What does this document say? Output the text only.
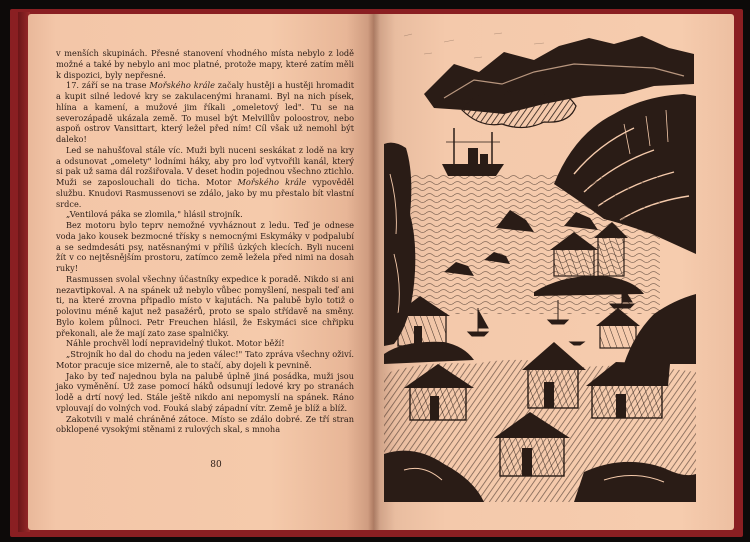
v menších skupinách. Přesné stanovení vhodného místa nebylo z lodě možné a také by nebylo ani moc platné, protože mapy, které zatím měli k dispozici, byly nepřesné.

17. září se na trase Mořského krále začaly hustěji a hustěji hromadit a kupit silné ledové kry se zakulacenými hranami. Byl na nich písek, hlína a kamení, a mužové jim říkali „omeletový led". Tu se na severozápadě ukázala země. To musel být Melvillův poloostrov, nebo aspoň ostrov Vansittart, který ležel před ním! Cíl však už nemohl být daleko!

Led se nahušťoval stále víc. Muži byli nuceni seskákat z lodě na kry a odsunovat „omelety" lodními háky, aby pro loď vytvořili kanál, který si pak už sama dál rozšiřovala. V deset hodin pojednou všechno ztichlo. Muži se zaposlouchali do ticha. Motor Mořského krále vypověděl službu. Knudovi Rasmussenovi se zdálo, jako by mu přestalo bít vlastní srdce.

„Ventilová páka se zlomila," hlásil strojník.

Bez motoru bylo teprv nemožné vyvháznout z ledu. Teď je odnese voda jako kousek bezmocné třísky s nemocnými Eskymáky v podpalubí a se sedmdesáti psy, natěsnanými v příliš úzkých klecích. Byli nuceni žít v co nejtěsnějším prostoru, zatímco země ležela před nimi na dosah ruky!

Rasmussen svolal všechny účastníky expedice k poradě. Nikdo si ani nezavtipkoval. A na spánek už nebylo vůbec pomyšlení, nespali teď ani ti, na které zrovna připadlo místo v kajutách. Na palubě bylo totiž o polovinu méně kajut než pasažérů, proto se spalo střídavě na směny. Bylo kolem půlnoci. Petr Freuchen hlásil, že Eskymáci sice chřipku překonali, ale že mají zato zase spalničky.

Náhle prochvěl lodí nepravidelný tlukot. Motor běží!

„Strojník ho dal do chodu na jeden válec!" Tato zpráva všechny oživí. Motor pracuje sice mizerně, ale to stačí, aby dojeli k pevnině.

Jako by teď najednou byla na palubě úplně jiná posádka, muži jsou jako vyměnění. Už zase pomocí háků odsunují ledové kry po stranách lodě a drtí nový led. Stále ještě nikdo ani nepomyslí na spánek. Ráno vplouvají do volných vod. Fouká slabý západní vítr. Země je blíž a blíž.

Zakotvili v malé chráněné zátoce. Místo se zdálo dobré. Ze tří stran obklopené vysokými stěnami z rulových skal, s mnoha

80
